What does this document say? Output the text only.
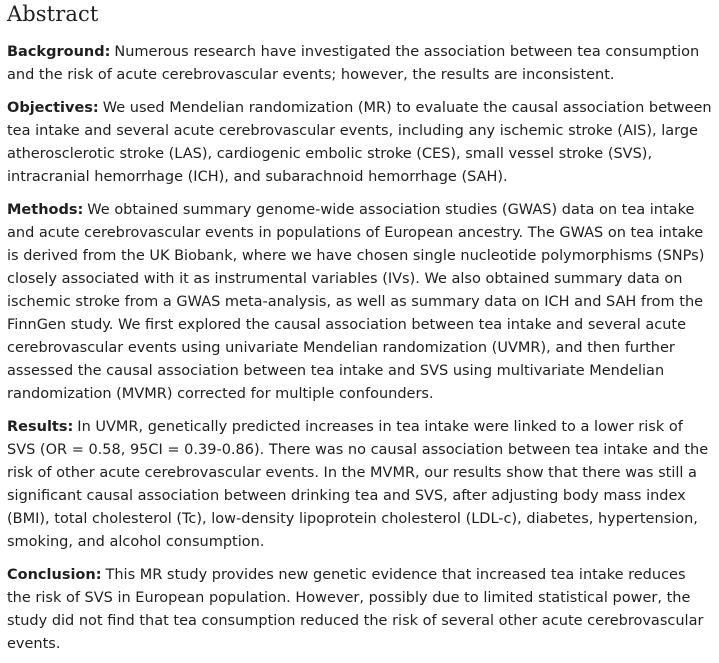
Abstract

Background: Numerous research have investigated the association between tea consumption and the risk of acute cerebrovascular events; however, the results are inconsistent.

Objectives: We used Mendelian randomization (MR) to evaluate the causal association between tea intake and several acute cerebrovascular events, including any ischemic stroke (AIS), large atherosclerotic stroke (LAS), cardiogenic embolic stroke (CES), small vessel stroke (SVS), intracranial hemorrhage (ICH), and subarachnoid hemorrhage (SAH).

Methods: We obtained summary genome-wide association studies (GWAS) data on tea intake and acute cerebrovascular events in populations of European ancestry. The GWAS on tea intake is derived from the UK Biobank, where we have chosen single nucleotide polymorphisms (SNPs) closely associated with it as instrumental variables (IVs). We also obtained summary data on ischemic stroke from a GWAS meta-analysis, as well as summary data on ICH and SAH from the FinnGen study. We first explored the causal association between tea intake and several acute cerebrovascular events using univariate Mendelian randomization (UVMR), and then further assessed the causal association between tea intake and SVS using multivariate Mendelian randomization (MVMR) corrected for multiple confounders.

Results: In UVMR, genetically predicted increases in tea intake were linked to a lower risk of SVS (OR = 0.58, 95CI = 0.39-0.86). There was no causal association between tea intake and the risk of other acute cerebrovascular events. In the MVMR, our results show that there was still a significant causal association between drinking tea and SVS, after adjusting body mass index (BMI), total cholesterol (Tc), low-density lipoprotein cholesterol (LDL-c), diabetes, hypertension, smoking, and alcohol consumption.

Conclusion: This MR study provides new genetic evidence that increased tea intake reduces the risk of SVS in European population. However, possibly due to limited statistical power, the study did not find that tea consumption reduced the risk of several other acute cerebrovascular events.
